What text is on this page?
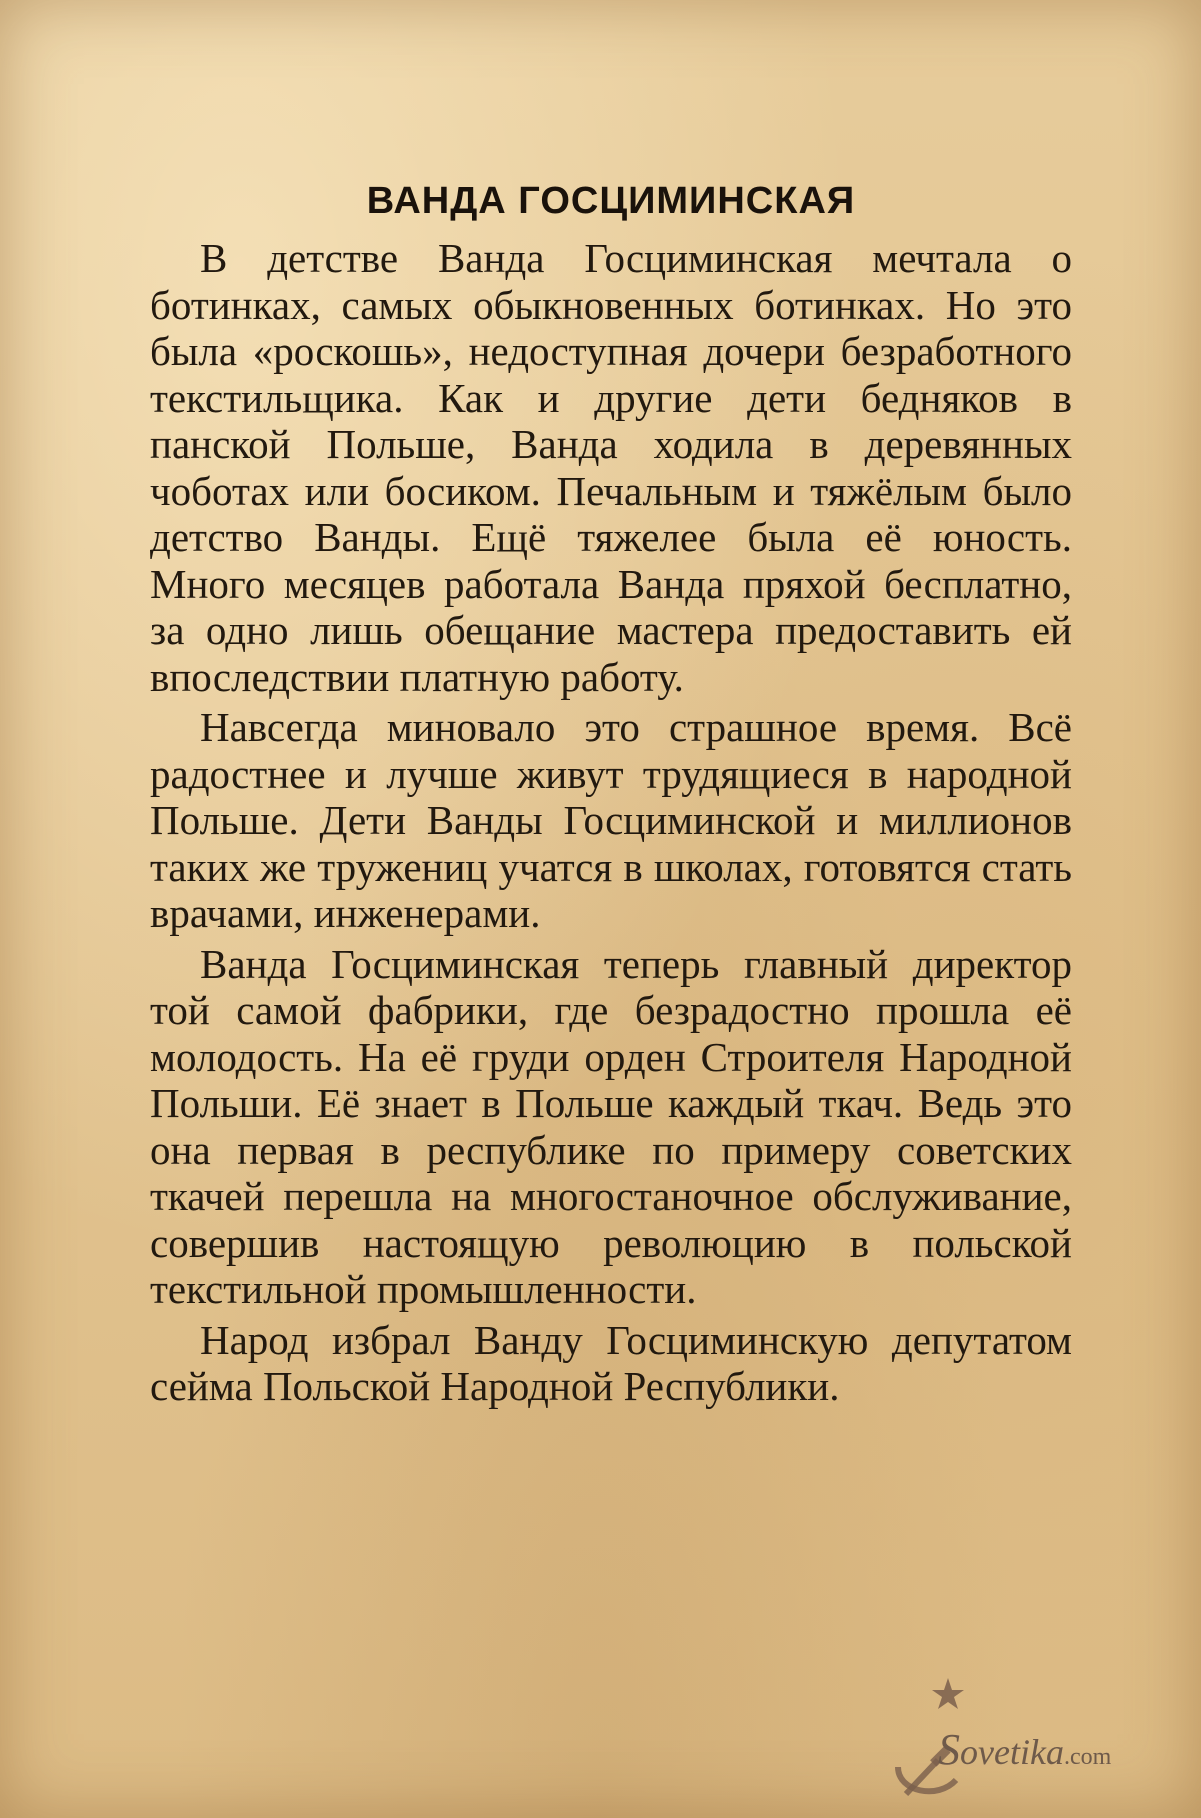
ВАНДА ГОСЦИМИНСКАЯ

В детстве Ванда Госциминская мечтала о ботинках, самых обыкновенных ботинках. Но это была «роскошь», недоступная дочери безработного текстильщика. Как и другие дети бедняков в панской Польше, Ванда ходила в деревянных чоботах или босиком. Печальным и тяжёлым было детство Ванды. Ещё тяжелее была её юность. Много месяцев работала Ванда пряхой бесплатно, за одно лишь обещание мастера предоставить ей впоследствии платную работу.

Навсегда миновало это страшное время. Всё радостнее и лучше живут трудящиеся в народной Польше. Дети Ванды Госциминской и миллионов таких же тружениц учатся в школах, готовятся стать врачами, инженерами.

Ванда Госциминская теперь главный директор той самой фабрики, где безрадостно прошла её молодость. На её груди орден Строителя Народной Польши. Её знает в Польше каждый ткач. Ведь это она первая в республике по примеру советских ткачей перешла на многостаночное обслуживание, совершив настоящую революцию в польской текстильной промышленности.

Народ избрал Ванду Госциминскую депутатом сейма Польской Народной Республики.

Sovetika.com
